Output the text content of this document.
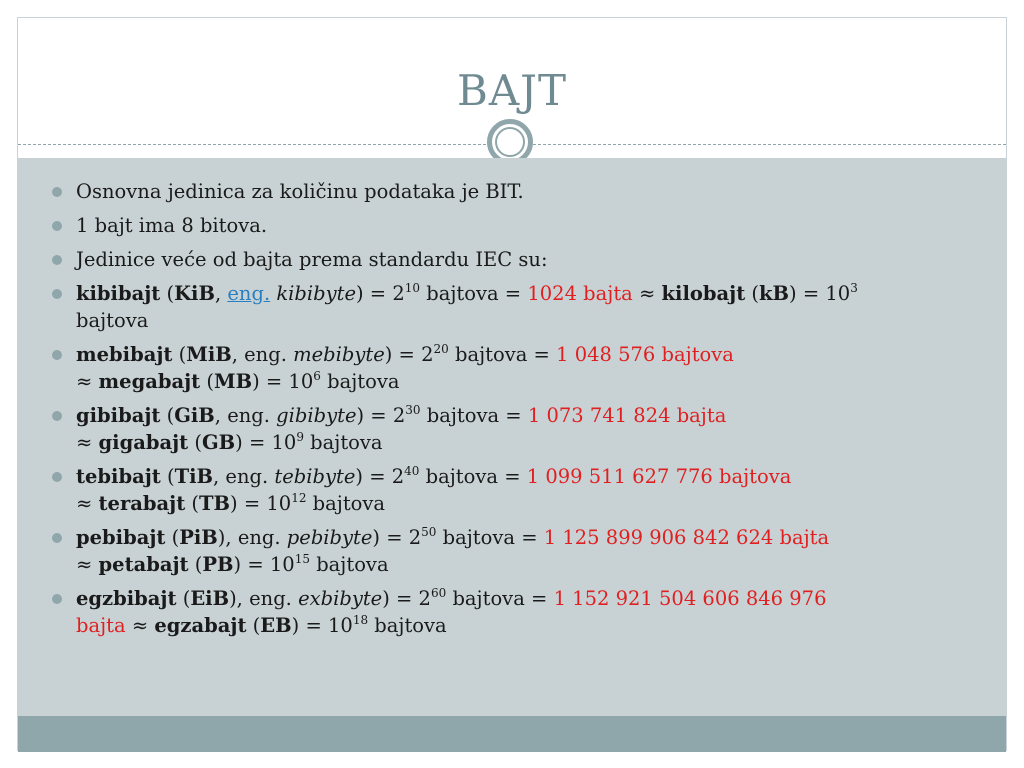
BAJT
Osnovna jedinica za količinu podataka je BIT.
1 bajt ima 8 bitova.
Jedinice veće od bajta prema standardu IEC su:
kibibajt (KiB, eng. kibibyte) = $2^{10}$ bajtova = 1024 bajta ≈ kilobajt $(kB) = 10^3$ bajtova
mebibajt (MiB, eng. mebibyte) = $2^{20}$ bajtova = 1 048 576 bajtova
≈ megabajt $(MB) = 10^6$ bajtova
gibibajt (GiB, eng. gibibyte) = $2^{30}$ bajtova = 1 073 741 824 bajta
≈ gigabajt $(GB) = 10^9$ bajtova
tebibajt (TiB, eng. tebibyte) = $2^{40}$ bajtova = 1 099 511 627 776 bajtova
≈ terabajt $(TB) = 10^{12}$ bajtova
pebibajt (PiB), eng. pebibyte) = $2^{50}$ bajtova = 1 125 899 906 842 624 bajta
≈ petabajt $(PB) = 10^{15}$ bajtova
egzbibajt (EiB), eng. exbibyte) = $2^{60}$ bajtova = 1 152 921 504 606 846 976
bajta ≈ egzabajt $(EB) = 10^{18}$ bajtova
